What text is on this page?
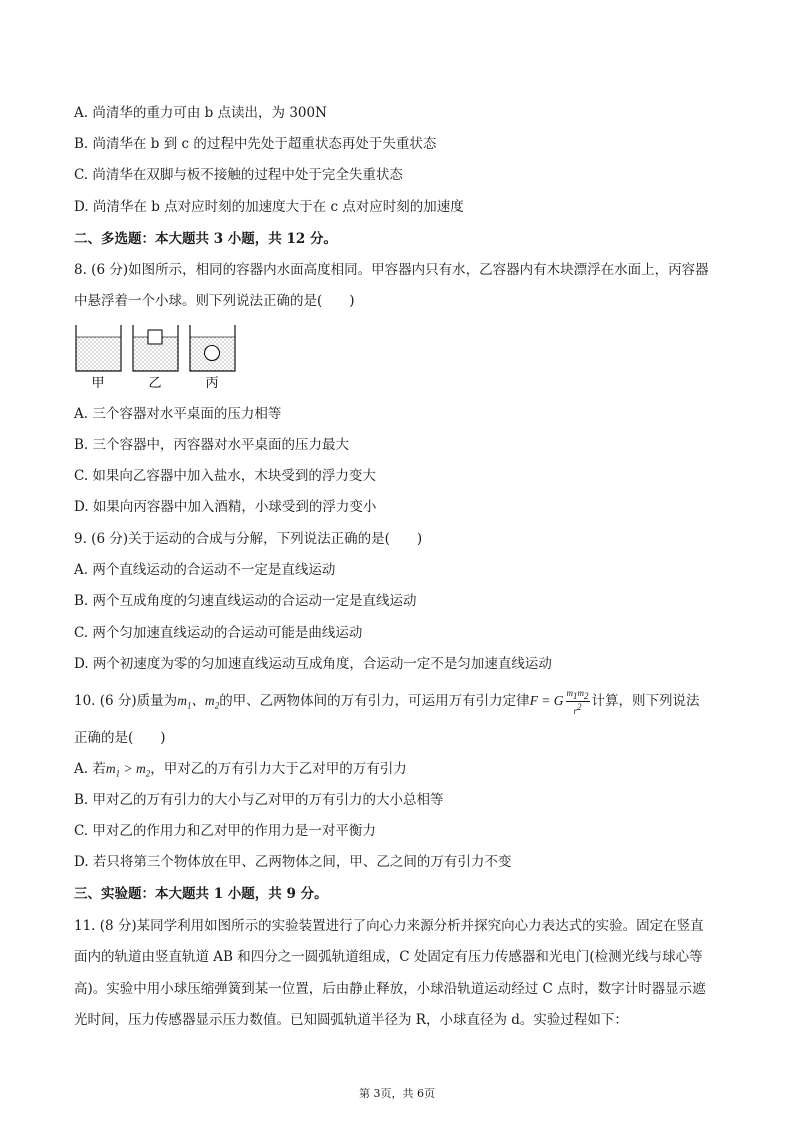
A. 尚清华的重力可由 b 点读出，为 300N
B. 尚清华在 b 到 c 的过程中先处于超重状态再处于失重状态
C. 尚清华在双脚与板不接触的过程中处于完全失重状态
D. 尚清华在 b 点对应时刻的加速度大于在 c 点对应时刻的加速度
二、多选题：本大题共 3 小题，共 12 分。
8. (6 分)如图所示，相同的容器内水面高度相同。甲容器内只有水，乙容器内有木块漂浮在水面上，丙容器
中悬浮着一个小球。则下列说法正确的是(　　)
甲	乙	丙
A. 三个容器对水平桌面的压力相等
B. 三个容器中，丙容器对水平桌面的压力最大
C. 如果向乙容器中加入盐水，木块受到的浮力变大
D. 如果向丙容器中加入酒精，小球受到的浮力变小
9. (6 分)关于运动的合成与分解，下列说法正确的是(　　)
A. 两个直线运动的合运动不一定是直线运动
B. 两个互成角度的匀速直线运动的合运动一定是直线运动
C. 两个匀加速直线运动的合运动可能是曲线运动
D. 两个初速度为零的匀加速直线运动互成角度，合运动一定不是匀加速直线运动
10. (6 分)质量为$m_1$、$m_2$的甲、乙两物体间的万有引力，可运用万有引力定律F = G $\frac{m_1m_2}{r^2}$ 计算，则下列说法
正确的是(　　)
A. 若$m_1 > m_2$，甲对乙的万有引力大于乙对甲的万有引力
B. 甲对乙的万有引力的大小与乙对甲的万有引力的大小总相等
C. 甲对乙的作用力和乙对甲的作用力是一对平衡力
D. 若只将第三个物体放在甲、乙两物体之间，甲、乙之间的万有引力不变
三、实验题：本大题共 1 小题，共 9 分。
11. (8 分)某同学利用如图所示的实验装置进行了向心力来源分析并探究向心力表达式的实验。固定在竖直
面内的轨道由竖直轨道 AB 和四分之一圆弧轨道组成，C 处固定有压力传感器和光电门(检测光线与球心等
高)。实验中用小球压缩弹簧到某一位置，后由静止释放，小球沿轨道运动经过 C 点时，数字计时器显示遮
光时间，压力传感器显示压力数值。已知圆弧轨道半径为 R，小球直径为 d。实验过程如下：
第 3页，共 6页
